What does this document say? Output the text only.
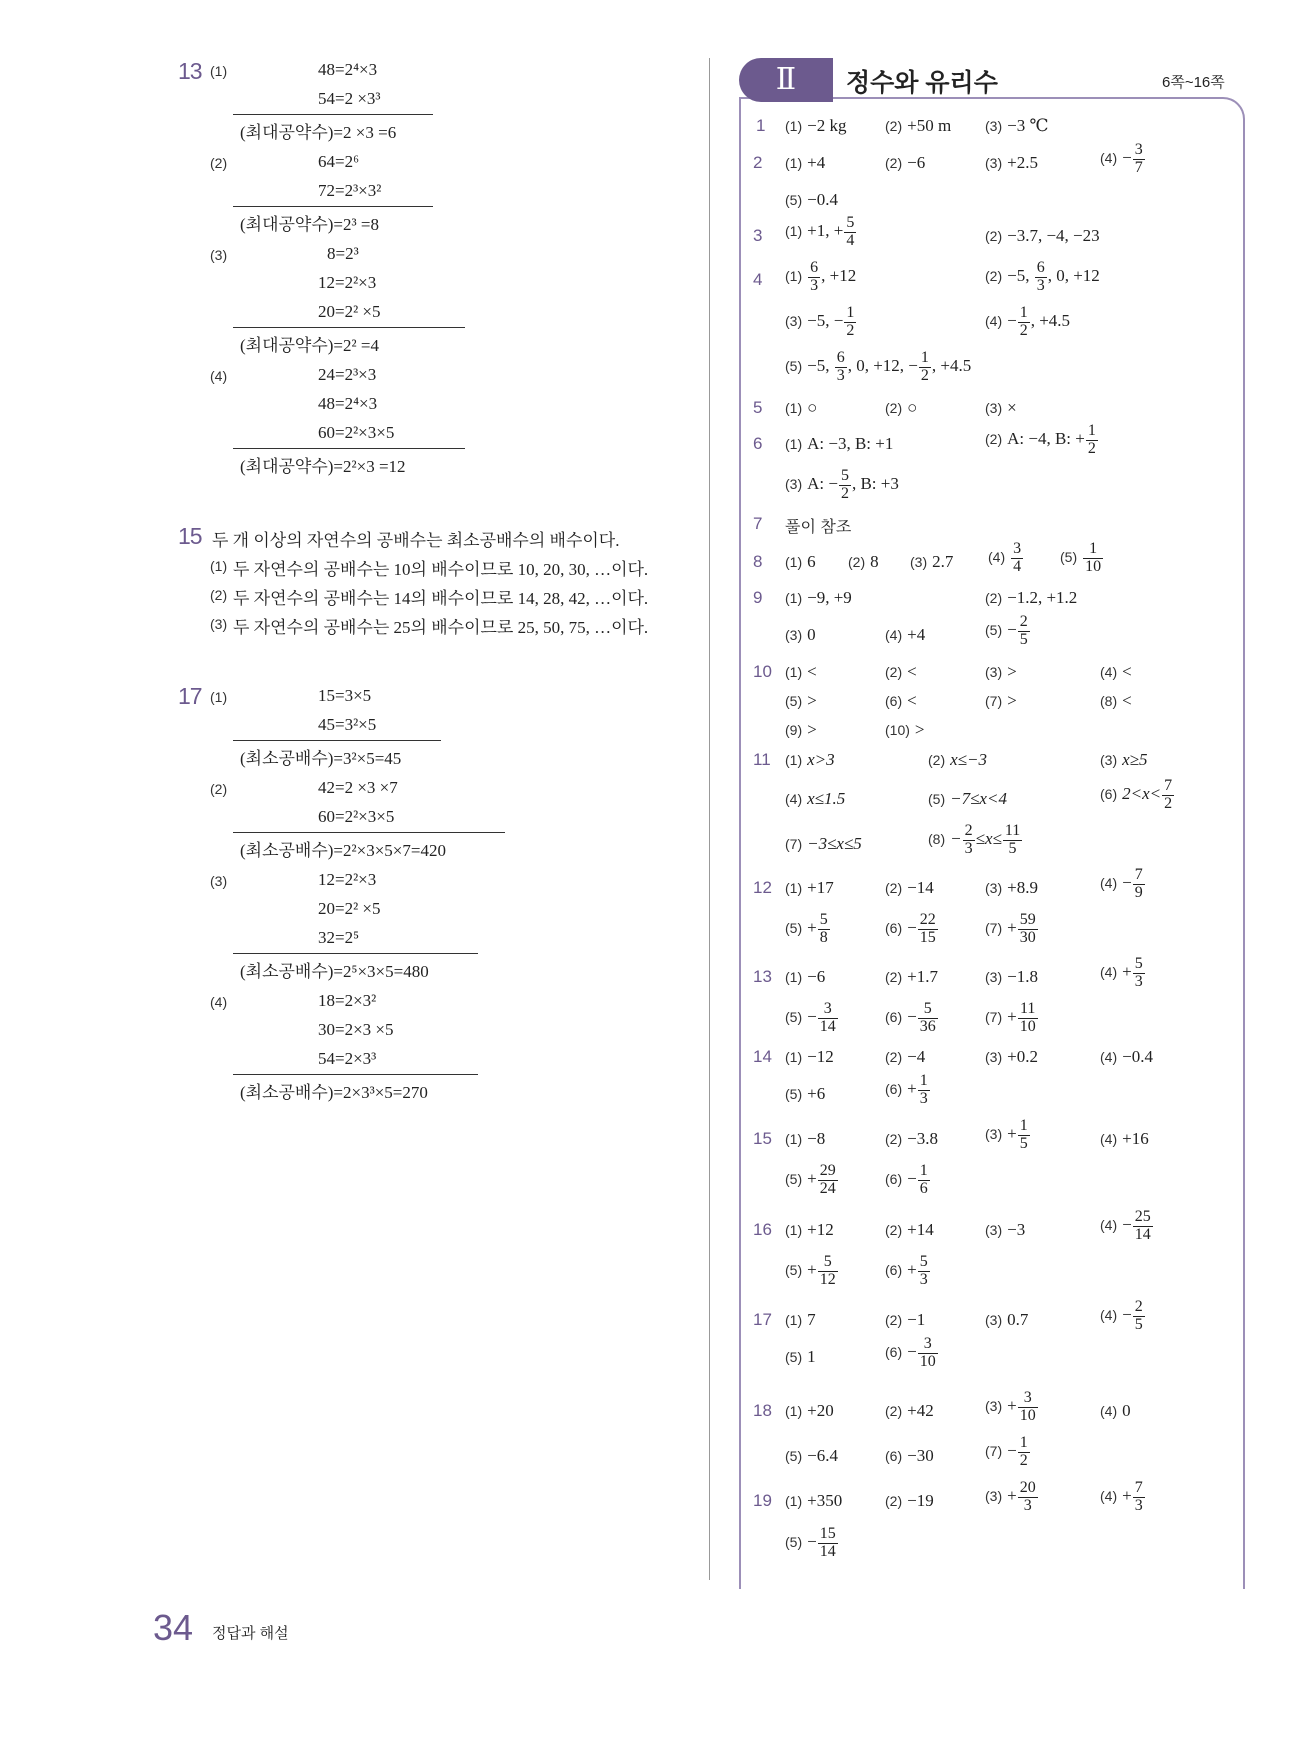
13 (1)	48=2⁴×3
54=2 ×3³
(최대공약수)=2 ×3 =6
(2)	64=2⁶
72=2³×3²
(최대공약수)=2³ =8
(3)	8=2³
12=2²×3
20=2² ×5
(최대공약수)=2² =4
(4)	24=2³×3
48=2⁴×3
60=2²×3×5
(최대공약수)=2²×3 =12
15 두 개 이상의 자연수의 공배수는 최소공배수의 배수이다.
(1) 두 자연수의 공배수는 10의 배수이므로 10, 20, 30, …이다.
(2) 두 자연수의 공배수는 14의 배수이므로 14, 28, 42, …이다.
(3) 두 자연수의 공배수는 25의 배수이므로 25, 50, 75, …이다.
17 (1)	15=3×5
45=3²×5
(최소공배수)=3²×5=45
(2)	42=2 ×3 ×7
60=2²×3×5
(최소공배수)=2²×3×5×7=420
(3)	12=2²×3
20=2² ×5
32=2⁵
(최소공배수)=2⁵×3×5=480
(4)	18=2×3²
30=2×3 ×5
54=2×3³
(최소공배수)=2×3³×5=270
Ⅱ	정수와 유리수	6쪽~16쪽
1 (1) −2 kg	(2) +50 m (3) −3 ℃
2 (1) +4	(2) −6	(3) +2.5	$(4) - \frac{3}{7}$
(5) −0.4
3 (1) +1, + $\frac{5}{4}$	(2) −3.7, −4, −23
4 $(1) \frac{6}{3}$ , +12	(2) −5, $\frac{6}{3}$ , 0, +12
(3) −5, − $\frac{1}{2}$	$(4) - \frac{1}{2}$ , +4.5
(5) −5, $\frac{6}{3}$ , 0, +12, − $\frac{1}{2}$ , +4.5
5 (1) ○	(2) ○	(3) ×
6 (1) A: −3, B: +1	(2) A: −4, B: + $\frac{1}{2}$
(3) A: − $\frac{5}{2}$ , B: +3
7 풀이 참조
8 (1) 6 (2) 8 (3) 2.7 $(4) \frac{3}{4}$	$(5) \frac{1}{10}$
9 (1) −9, +9	(2) −1.2, +1.2
(3) 0	(4) +4	$(5) - \frac{2}{5}$
10 (1) <	(2) <	(3) >	(4) <
(5) >	(6) <	(7) >	(8) <
(9) >	(10) >
11 (1) x>3	(2) x≤−3	(3) x≥5
(4) x≤1.5	(5) −7≤x<4	(6) $2<x< \frac{7}{2}$
(7) −3≤x≤5	$(8) - \frac{2}{3} \le x\le \frac{11}{5}$
12 (1) +17	(2) −14	(3) +8.9	$(4) - \frac{7}{9}$
$(5) + \frac{5}{8}$	$(6) - \frac{22}{15}$	$(7) + \frac{59}{30}$
13 (1) −6	(2) +1.7	(3) −1.8	$(4) + \frac{5}{3}$
$(5) - \frac{3}{14}$	$(6) - \frac{5}{36}$	$(7) + \frac{11}{10}$
14 (1) −12	(2) −4	(3) +0.2	(4) −0.4
(5) +6	$(6) + \frac{1}{3}$
15 (1) −8	(2) −3.8	$(3) + \frac{1}{5}$	(4) +16
$(5) + \frac{29}{24}$	$(6) - \frac{1}{6}$
16 (1) +12	(2) +14	(3) −3	$(4) - \frac{25}{14}$
$(5) + \frac{5}{12}$	$(6) + \frac{5}{3}$
17 (1) 7	(2) −1	(3) 0.7	$(4) - \frac{2}{5}$
(5) 1	$(6) - \frac{3}{10}$
18 (1) +20	(2) +42	$(3) + \frac{3}{10}$	(4) 0
(5) −6.4	(6) −30	$(7) - \frac{1}{2}$
19 (1) +350	(2) −19	$(3) + \frac{20}{3}$	$(4) + \frac{7}{3}$
$(5) - \frac{15}{14}$
34 정답과 해설
